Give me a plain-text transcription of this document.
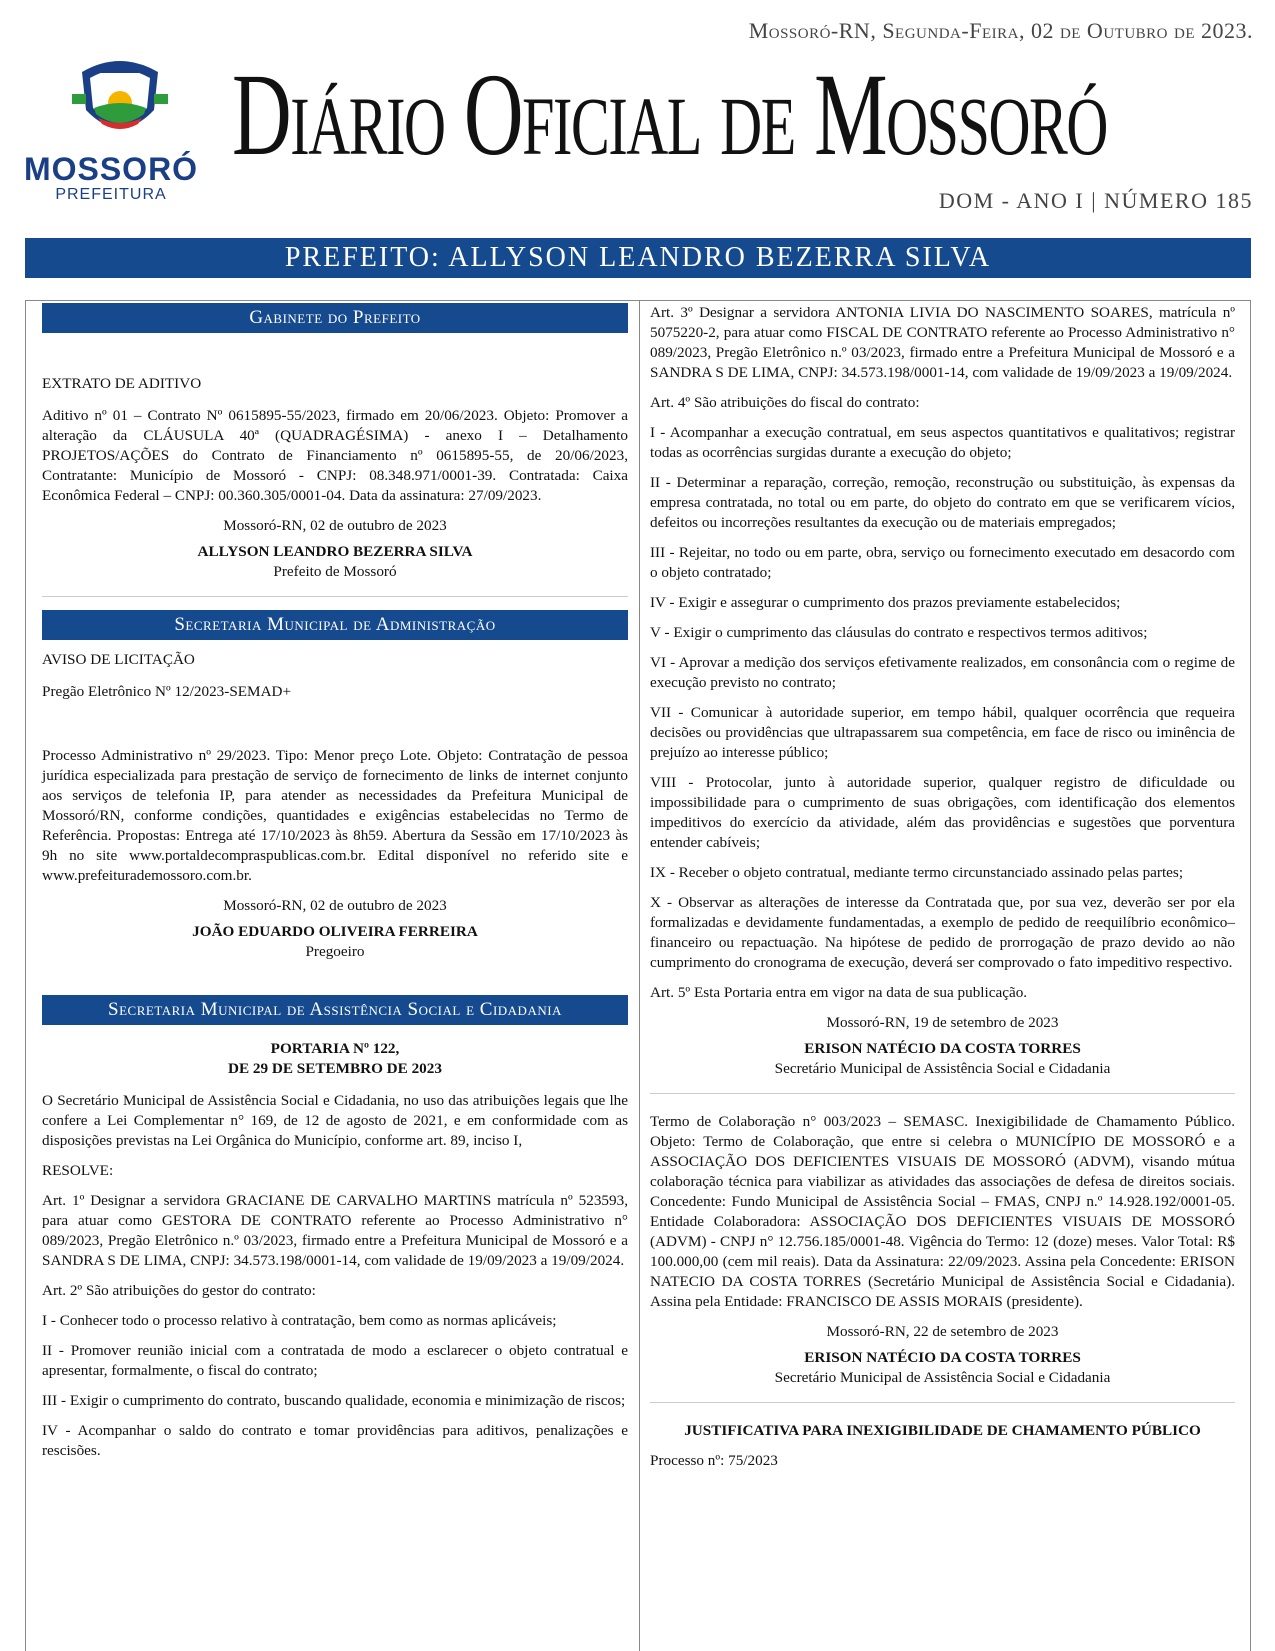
MOSSORÓ
PREFEITURA
Mossoró-RN, Segunda-Feira, 02 de Outubro de 2023.
Diário Oficial de Mossoró
DOM - ANO I | NÚMERO 185
PREFEITO: ALLYSON LEANDRO BEZERRA SILVA
Gabinete do Prefeito

EXTRATO DE ADITIVO

Aditivo nº 01 – Contrato Nº 0615895-55/2023, firmado em 20/06/2023. Objeto: Promover a alteração da CLÁUSULA 40ª (QUADRAGÉSIMA) - anexo I – Detalhamento PROJETOS/AÇÕES do Contrato de Financiamento nº 0615895-55, de 20/06/2023, Contratante: Município de Mossoró - CNPJ: 08.348.971/0001-39. Contratada: Caixa Econômica Federal – CNPJ: 00.360.305/0001-04. Data da assinatura: 27/09/2023.

Mossoró-RN, 02 de outubro de 2023

ALLYSON LEANDRO BEZERRA SILVA

Prefeito de Mossoró

Secretaria Municipal de Administração

AVISO DE LICITAÇÃO

Pregão Eletrônico Nº 12/2023-SEMAD+

Processo Administrativo nº 29/2023. Tipo: Menor preço Lote. Objeto: Contratação de pessoa jurídica especializada para prestação de serviço de fornecimento de links de internet conjunto aos serviços de telefonia IP, para atender as necessidades da Prefeitura Municipal de Mossoró/RN, conforme condições, quantidades e exigências estabelecidas no Termo de Referência. Propostas: Entrega até 17/10/2023 às 8h59. Abertura da Sessão em 17/10/2023 às 9h no site www.portaldecompraspublicas.com.br. Edital disponível no referido site e www.prefeiturademossoro.com.br.

Mossoró-RN, 02 de outubro de 2023

JOÃO EDUARDO OLIVEIRA FERREIRA

Pregoeiro

Secretaria Municipal de Assistência Social e Cidadania

PORTARIA Nº 122,

DE 29 DE SETEMBRO DE 2023

O Secretário Municipal de Assistência Social e Cidadania, no uso das atribuições legais que lhe confere a Lei Complementar n° 169, de 12 de agosto de 2021, e em conformidade com as disposições previstas na Lei Orgânica do Município, conforme art. 89, inciso I,

RESOLVE:

Art. 1º Designar a servidora GRACIANE DE CARVALHO MARTINS matrícula nº 523593, para atuar como GESTORA DE CONTRATO referente ao Processo Administrativo n° 089/2023, Pregão Eletrônico n.º 03/2023, firmado entre a Prefeitura Municipal de Mossoró e a SANDRA S DE LIMA, CNPJ: 34.573.198/0001-14, com validade de 19/09/2023 a 19/09/2024.

Art. 2º São atribuições do gestor do contrato:

I - Conhecer todo o processo relativo à contratação, bem como as normas aplicáveis;

II - Promover reunião inicial com a contratada de modo a esclarecer o objeto contratual e apresentar, formalmente, o fiscal do contrato;

III - Exigir o cumprimento do contrato, buscando qualidade, economia e minimização de riscos;

IV - Acompanhar o saldo do contrato e tomar providências para aditivos, penalizações e rescisões.

Art. 3º Designar a servidora ANTONIA LIVIA DO NASCIMENTO SOARES, matrícula nº 5075220-2, para atuar como FISCAL DE CONTRATO referente ao Processo Administrativo n° 089/2023, Pregão Eletrônico n.º 03/2023, firmado entre a Prefeitura Municipal de Mossoró e a SANDRA S DE LIMA, CNPJ: 34.573.198/0001-14, com validade de 19/09/2023 a 19/09/2024.

Art. 4º São atribuições do fiscal do contrato:

I - Acompanhar a execução contratual, em seus aspectos quantitativos e qualitativos; registrar todas as ocorrências surgidas durante a execução do objeto;

II - Determinar a reparação, correção, remoção, reconstrução ou substituição, às expensas da empresa contratada, no total ou em parte, do objeto do contrato em que se verificarem vícios, defeitos ou incorreções resultantes da execução ou de materiais empregados;

III - Rejeitar, no todo ou em parte, obra, serviço ou fornecimento executado em desacordo com o objeto contratado;

IV - Exigir e assegurar o cumprimento dos prazos previamente estabelecidos;

V - Exigir o cumprimento das cláusulas do contrato e respectivos termos aditivos;

VI - Aprovar a medição dos serviços efetivamente realizados, em consonância com o regime de execução previsto no contrato;

VII - Comunicar à autoridade superior, em tempo hábil, qualquer ocorrência que requeira decisões ou providências que ultrapassarem sua competência, em face de risco ou iminência de prejuízo ao interesse público;

VIII - Protocolar, junto à autoridade superior, qualquer registro de dificuldade ou impossibilidade para o cumprimento de suas obrigações, com identificação dos elementos impeditivos do exercício da atividade, além das providências e sugestões que porventura entender cabíveis;

IX - Receber o objeto contratual, mediante termo circunstanciado assinado pelas partes;

X - Observar as alterações de interesse da Contratada que, por sua vez, deverão ser por ela formalizadas e devidamente fundamentadas, a exemplo de pedido de reequilíbrio econômico–financeiro ou repactuação. Na hipótese de pedido de prorrogação de prazo devido ao não cumprimento do cronograma de execução, deverá ser comprovado o fato impeditivo respectivo.

Art. 5º Esta Portaria entra em vigor na data de sua publicação.

Mossoró-RN, 19 de setembro de 2023

ERISON NATÉCIO DA COSTA TORRES

Secretário Municipal de Assistência Social e Cidadania

Termo de Colaboração n° 003/2023 – SEMASC. Inexigibilidade de Chamamento Público. Objeto: Termo de Colaboração, que entre si celebra o MUNICÍPIO DE MOSSORÓ e a ASSOCIAÇÃO DOS DEFICIENTES VISUAIS DE MOSSORÓ (ADVM), visando mútua colaboração técnica para viabilizar as atividades das associações de defesa de direitos sociais. Concedente: Fundo Municipal de Assistência Social – FMAS, CNPJ n.º 14.928.192/0001-05. Entidade Colaboradora: ASSOCIAÇÃO DOS DEFICIENTES VISUAIS DE MOSSORÓ (ADVM) - CNPJ n° 12.756.185/0001-48. Vigência do Termo: 12 (doze) meses. Valor Total: R$ 100.000,00 (cem mil reais). Data da Assinatura: 22/09/2023. Assina pela Concedente: ERISON NATECIO DA COSTA TORRES (Secretário Municipal de Assistência Social e Cidadania). Assina pela Entidade: FRANCISCO DE ASSIS MORAIS (presidente).

Mossoró-RN, 22 de setembro de 2023

ERISON NATÉCIO DA COSTA TORRES

Secretário Municipal de Assistência Social e Cidadania

JUSTIFICATIVA PARA INEXIGIBILIDADE DE CHAMAMENTO PÚBLICO

Processo nº: 75/2023
